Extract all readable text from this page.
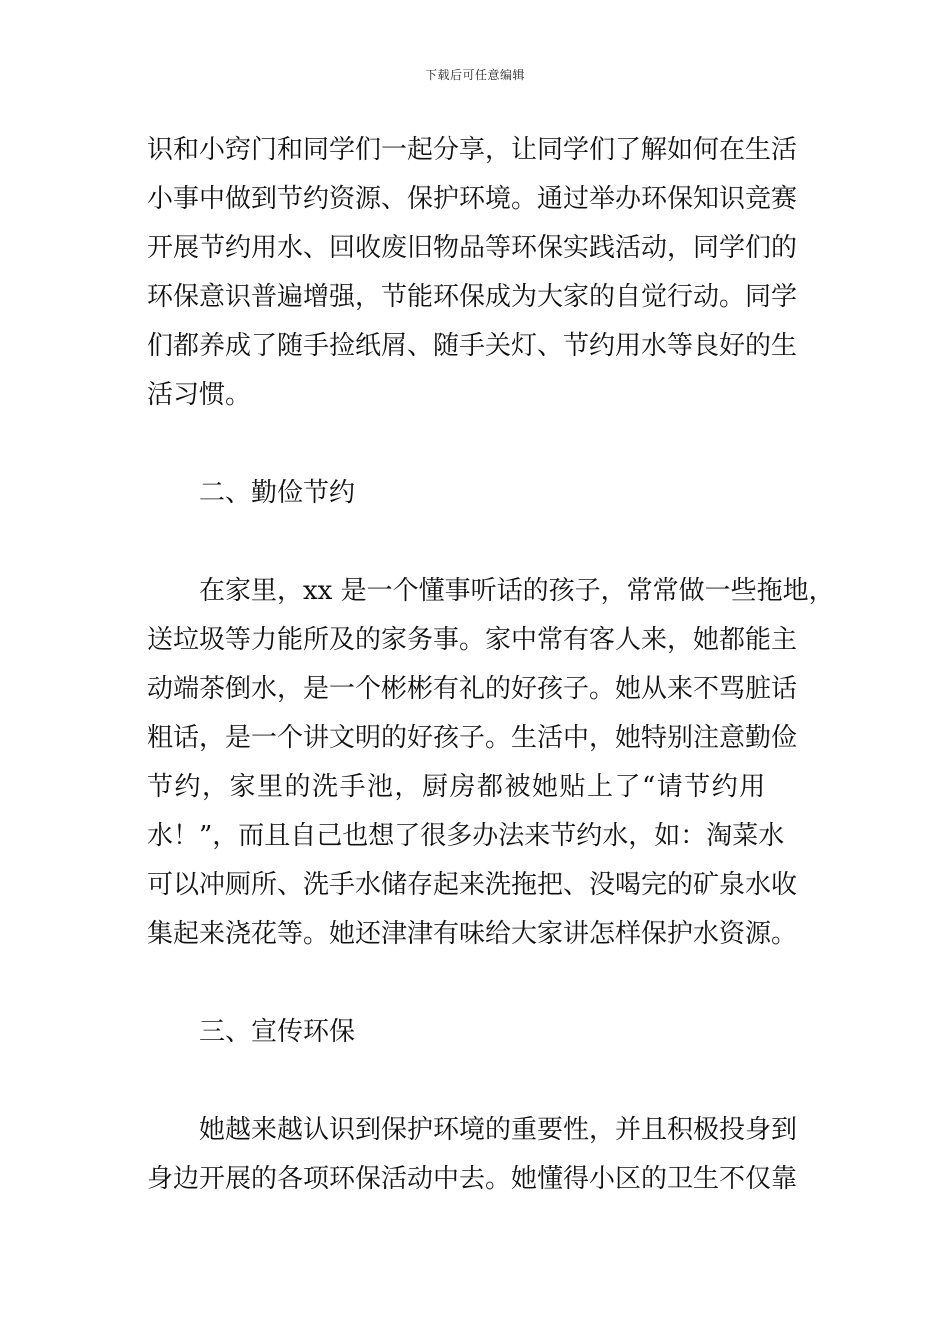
下载后可任意编辑
识和小窍门和同学们一起分享，让同学们了解如何在生活
小事中做到节约资源、保护环境。通过举办环保知识竞赛
开展节约用水、回收废旧物品等环保实践活动，同学们的
环保意识普遍增强，节能环保成为大家的自觉行动。同学
们都养成了随手捡纸屑、随手关灯、节约用水等良好的生
活习惯。
二、勤俭节约
在家里，xx 是一个懂事听话的孩子，常常做一些拖地，
送垃圾等力能所及的家务事。家中常有客人来，她都能主
动端茶倒水，是一个彬彬有礼的好孩子。她从来不骂脏话
粗话，是一个讲文明的好孩子。生活中，她特别注意勤俭
节约，家里的洗手池，厨房都被她贴上了“请节约用
水！”，而且自己也想了很多办法来节约水，如：淘菜水
可以冲厕所、洗手水储存起来洗拖把、没喝完的矿泉水收
集起来浇花等。她还津津有味给大家讲怎样保护水资源。
三、宣传环保
她越来越认识到保护环境的重要性，并且积极投身到
身边开展的各项环保活动中去。她懂得小区的卫生不仅靠
